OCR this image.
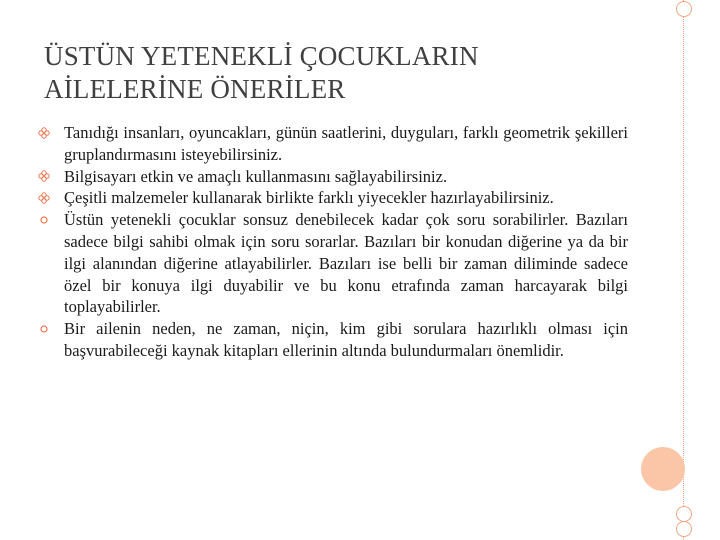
ÜSTÜN YETENEKLİ ÇOCUKLARIN
AİLELERİNE ÖNERİLER
Tanıdığı insanları, oyuncakları, günün saatlerini, duyguları, farklı geometrik şekilleri gruplandırmasını isteyebilirsiniz.
Bilgisayarı etkin ve amaçlı kullanmasını sağlayabilirsiniz.
Çeşitli malzemeler kullanarak birlikte farklı yiyecekler hazırlayabilirsiniz.
Üstün yetenekli çocuklar sonsuz denebilecek kadar çok soru sorabilirler. Bazıları sadece bilgi sahibi olmak için soru sorarlar. Bazıları bir konudan diğerine ya da bir ilgi alanından diğerine atlayabilirler. Bazıları ise belli bir zaman diliminde sadece özel bir konuya ilgi duyabilir ve bu konu etrafında zaman harcayarak bilgi toplayabilirler.
Bir ailenin neden, ne zaman, niçin, kim gibi sorulara hazırlıklı olması için başvurabileceği kaynak kitapları ellerinin altında bulundurmaları önemlidir.
